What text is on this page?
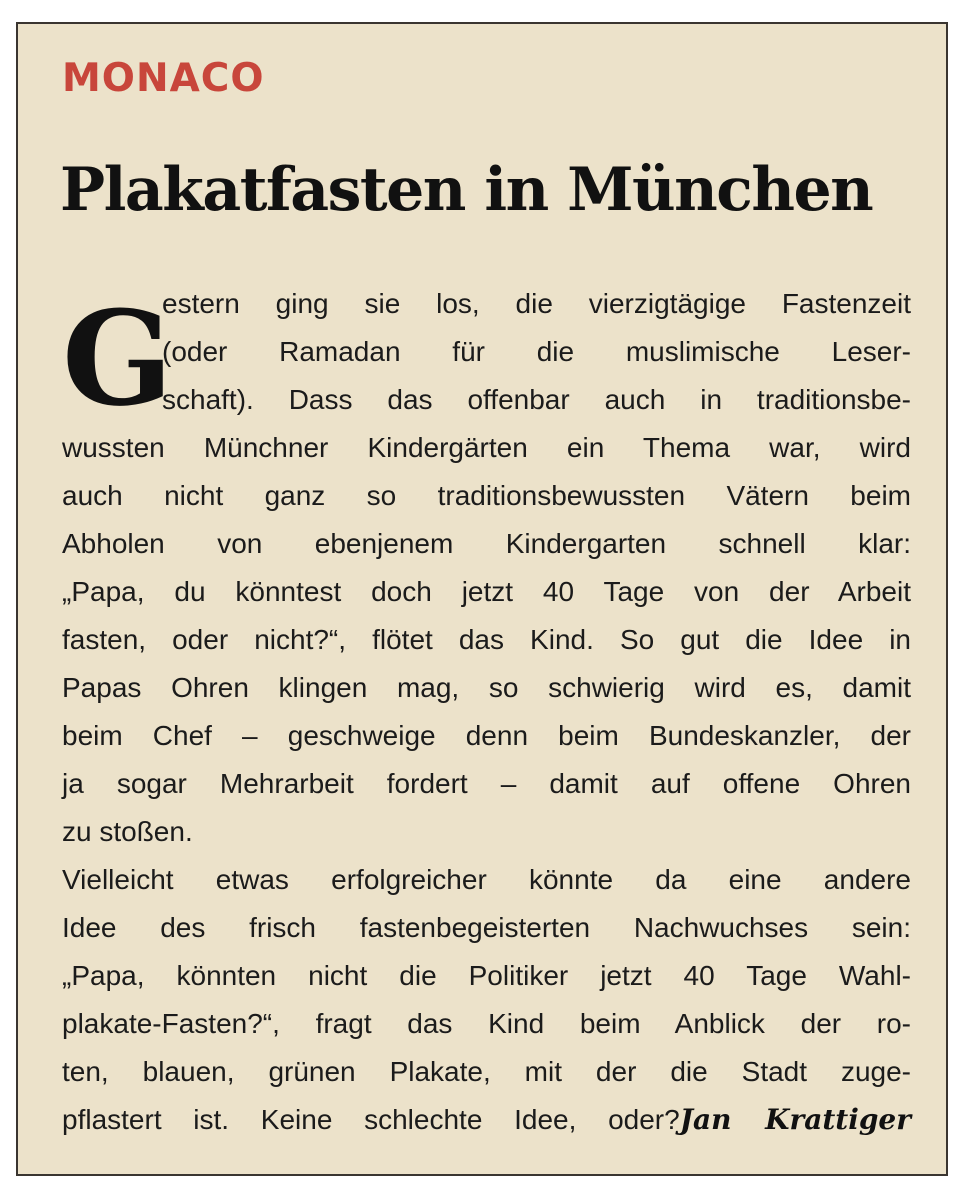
MONACO
Plakatfasten in München
G
estern ging sie los, die vierzigtägige Fastenzeit
(oder Ramadan für die muslimische Leser-
schaft). Dass das offenbar auch in traditionsbe-
wussten Münchner Kindergärten ein Thema war, wird
auch nicht ganz so traditionsbewussten Vätern beim
Abholen von ebenjenem Kindergarten schnell klar:
„Papa, du könntest doch jetzt 40 Tage von der Arbeit
fasten, oder nicht?“, flötet das Kind. So gut die Idee in
Papas Ohren klingen mag, so schwierig wird es, damit
beim Chef – geschweige denn beim Bundeskanzler, der
ja sogar Mehrarbeit fordert – damit auf offene Ohren
zu stoßen.
Vielleicht etwas erfolgreicher könnte da eine andere
Idee des frisch fastenbegeisterten Nachwuchses sein:
„Papa, könnten nicht die Politiker jetzt 40 Tage Wahl-
plakate-Fasten?“, fragt das Kind beim Anblick der ro-
ten, blauen, grünen Plakate, mit der die Stadt zuge-
pflastert ist. Keine schlechte Idee, oder?Jan Krattiger
